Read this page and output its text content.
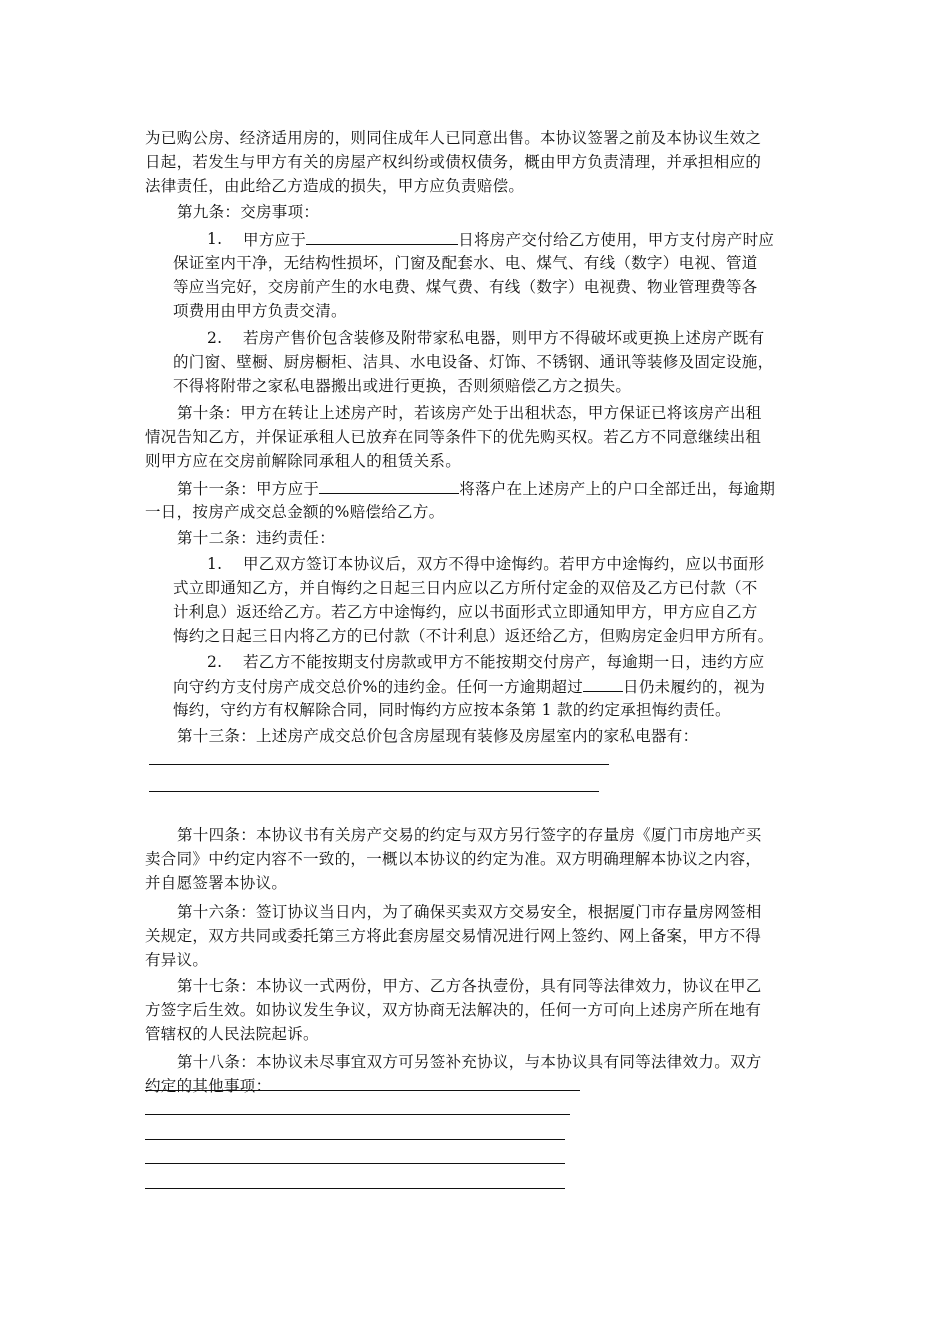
为已购公房、经济适用房的，则同住成年人已同意出售。本协议签署之前及本协议生效之

日起，若发生与甲方有关的房屋产权纠纷或债权债务，概由甲方负责清理，并承担相应的

法律责任，由此给乙方造成的损失，甲方应负责赔偿。

第九条：交房事项：

1. 甲方应于	日将房产交付给乙方使用，甲方支付房产时应

保证室内干净，无结构性损坏，门窗及配套水、电、煤气、有线（数字）电视、管道

等应当完好，交房前产生的水电费、煤气费、有线（数字）电视费、物业管理费等各

项费用由甲方负责交清。

2. 若房产售价包含装修及附带家私电器，则甲方不得破坏或更换上述房产既有

的门窗、壁橱、厨房橱柜、洁具、水电设备、灯饰、不锈钢、通讯等装修及固定设施，

不得将附带之家私电器搬出或进行更换，否则须赔偿乙方之损失。

第十条：甲方在转让上述房产时，若该房产处于出租状态，甲方保证已将该房产出租

情况告知乙方，并保证承租人已放弃在同等条件下的优先购买权。若乙方不同意继续出租

则甲方应在交房前解除同承租人的租赁关系。

第十一条：甲方应于	将落户在上述房产上的户口全部迁出，每逾期

一日，按房产成交总金额的%赔偿给乙方。

第十二条：违约责任：

1. 甲乙双方签订本协议后，双方不得中途悔约。若甲方中途悔约，应以书面形

式立即通知乙方，并自悔约之日起三日内应以乙方所付定金的双倍及乙方已付款（不

计利息）返还给乙方。若乙方中途悔约，应以书面形式立即通知甲方，甲方应自乙方

悔约之日起三日内将乙方的已付款（不计利息）返还给乙方，但购房定金归甲方所有。

2. 若乙方不能按期支付房款或甲方不能按期交付房产，每逾期一日，违约方应

向守约方支付房产成交总价%的违约金。任何一方逾期超过	日仍未履约的，视为

悔约，守约方有权解除合同，同时悔约方应按本条第 1 款的约定承担悔约责任。

第十三条：上述房产成交总价包含房屋现有装修及房屋室内的家私电器有：

第十四条：本协议书有关房产交易的约定与双方另行签字的存量房《厦门市房地产买

卖合同》中约定内容不一致的，一概以本协议的约定为准。双方明确理解本协议之内容，

并自愿签署本协议。

第十六条：签订协议当日内，为了确保买卖双方交易安全，根据厦门市存量房网签相

关规定，双方共同或委托第三方将此套房屋交易情况进行网上签约、网上备案，甲方不得

有异议。

第十七条：本协议一式两份，甲方、乙方各执壹份，具有同等法律效力，协议在甲乙

方签字后生效。如协议发生争议，双方协商无法解决的，任何一方可向上述房产所在地有

管辖权的人民法院起诉。

第十八条：本协议未尽事宜双方可另签补充协议，与本协议具有同等法律效力。双方

约定的其他事项：
